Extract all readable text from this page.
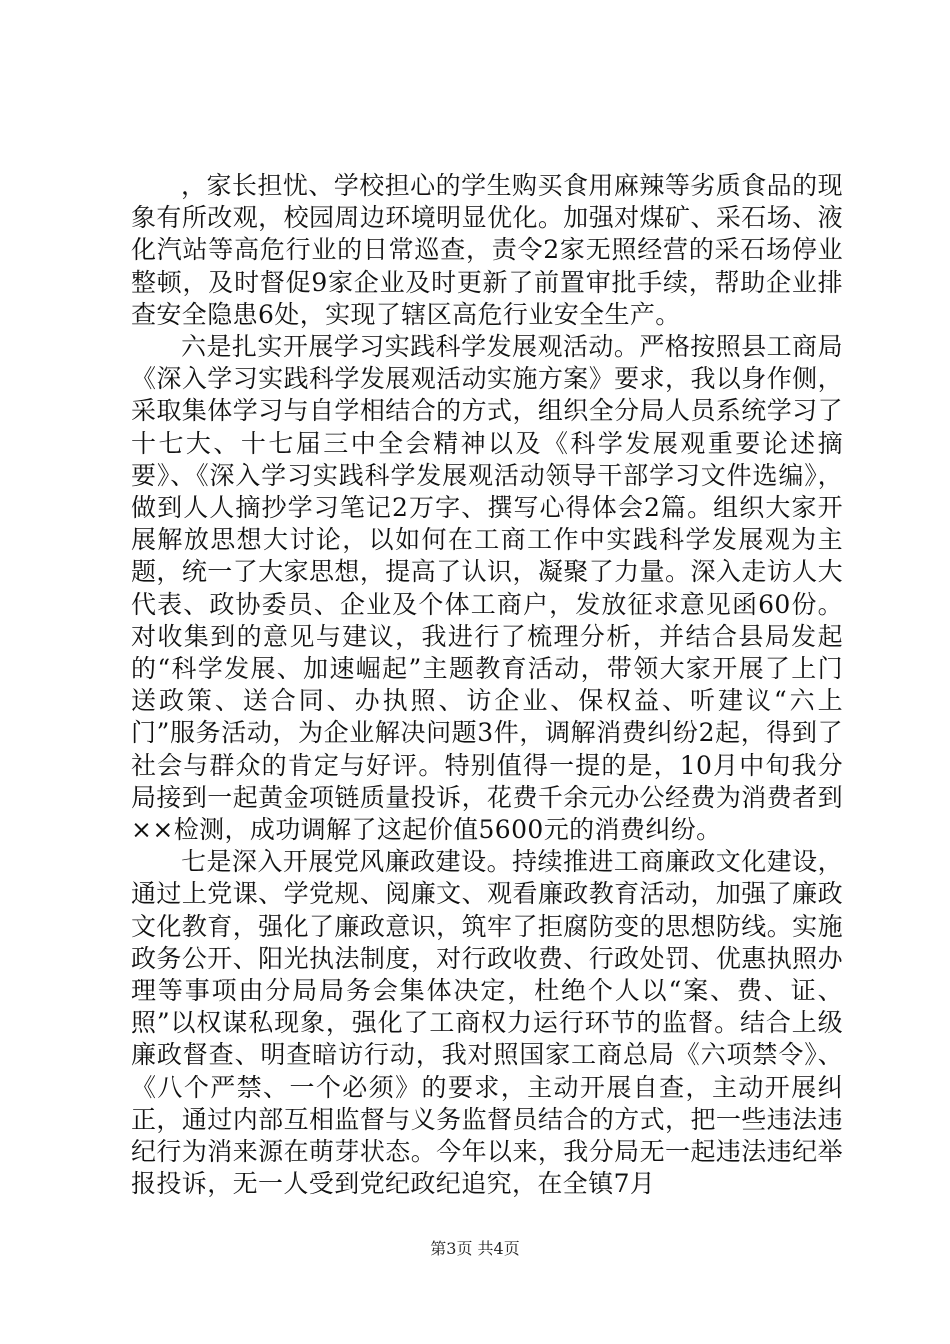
，家长担忧、学校担心的学生购买食用麻辣等劣质食品的现象有所改观，校园周边环境明显优化。加强对煤矿、采石场、液化汽站等高危行业的日常巡查，责令2家无照经营的采石场停业整顿，及时督促9家企业及时更新了前置审批手续，帮助企业排查安全隐患6处，实现了辖区高危行业安全生产。

六是扎实开展学习实践科学发展观活动。严格按照县工商局《深入学习实践科学发展观活动实施方案》要求，我以身作侧，采取集体学习与自学相结合的方式，组织全分局人员系统学习了十七大、十七届三中全会精神以及《科学发展观重要论述摘要》、《深入学习实践科学发展观活动领导干部学习文件选编》，做到人人摘抄学习笔记2万字、撰写心得体会2篇。组织大家开展解放思想大讨论，以如何在工商工作中实践科学发展观为主题，统一了大家思想，提高了认识，凝聚了力量。深入走访人大代表、政协委员、企业及个体工商户，发放征求意见函60份。对收集到的意见与建议，我进行了梳理分析，并结合县局发起的“科学发展、加速崛起”主题教育活动，带领大家开展了上门送政策、送合同、办执照、访企业、保权益、听建议“六上门”服务活动，为企业解决问题3件，调解消费纠纷2起，得到了社会与群众的肯定与好评。特别值得一提的是，10月中旬我分局接到一起黄金项链质量投诉，花费千余元办公经费为消费者到××检测，成功调解了这起价值5600元的消费纠纷。

七是深入开展党风廉政建设。持续推进工商廉政文化建设，通过上党课、学党规、阅廉文、观看廉政教育活动，加强了廉政文化教育，强化了廉政意识，筑牢了拒腐防变的思想防线。实施政务公开、阳光执法制度，对行政收费、行政处罚、优惠执照办理等事项由分局局务会集体决定，杜绝个人以“案、费、证、照”以权谋私现象，强化了工商权力运行环节的监督。结合上级廉政督查、明查暗访行动，我对照国家工商总局《六项禁令》、《八个严禁、一个必须》的要求，主动开展自查，主动开展纠正，通过内部互相监督与义务监督员结合的方式，把一些违法违纪行为消来源在萌芽状态。今年以来，我分局无一起违法违纪举报投诉，无一人受到党纪政纪追究，在全镇7月

第3页 共4页
